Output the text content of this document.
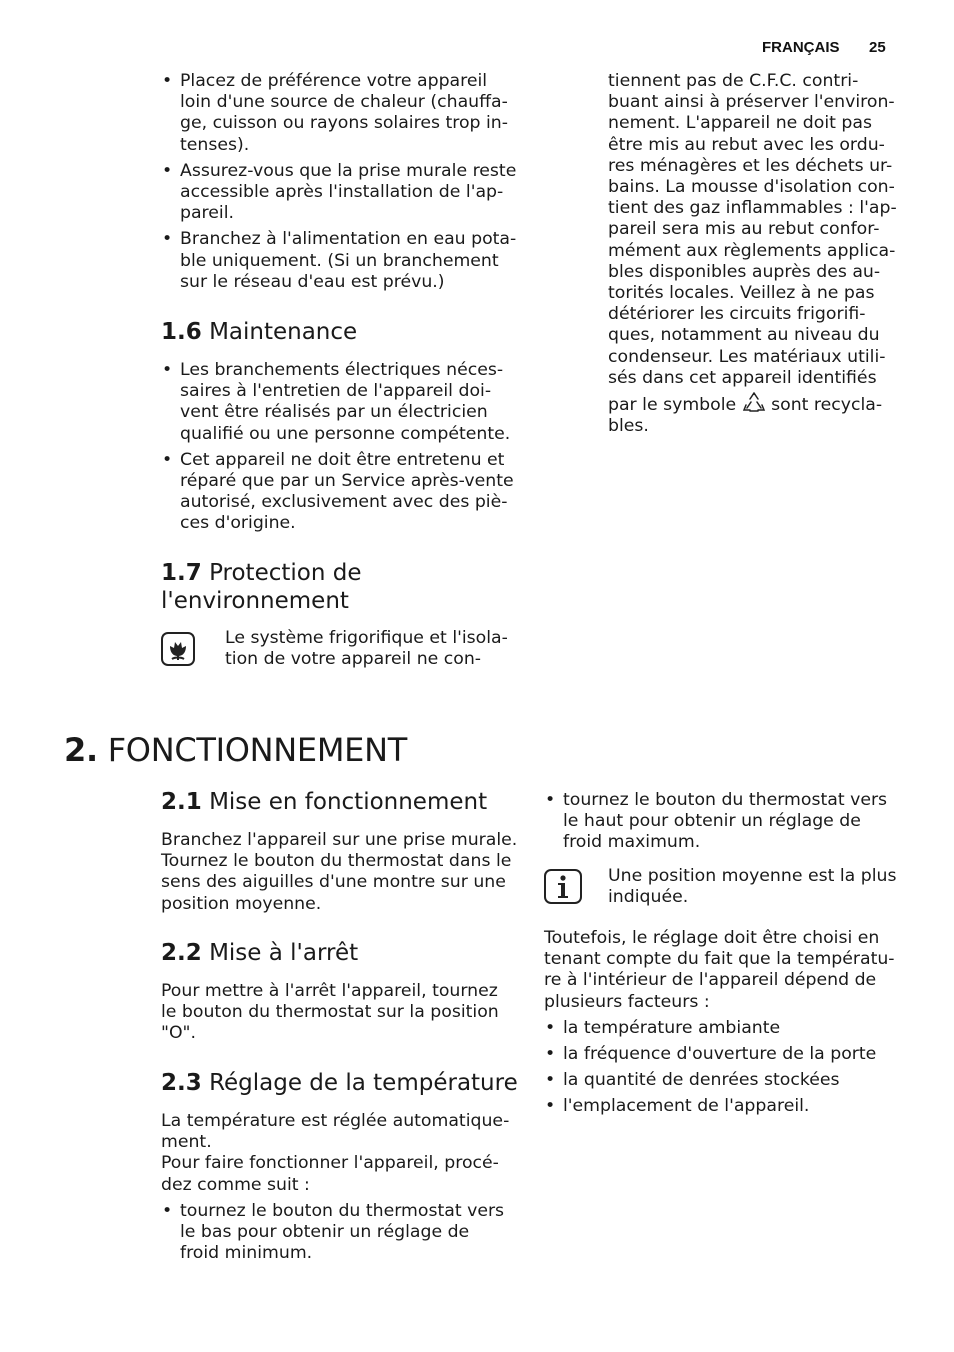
FRANÇAIS 25
• Placez de préférence votre appareil
loin d'une source de chaleur (chauffa-
ge, cuisson ou rayons solaires trop in-
tenses).
• Assurez-vous que la prise murale reste
accessible après l'installation de l'ap-
pareil.
• Branchez à l'alimentation en eau pota-
ble uniquement. (Si un branchement
sur le réseau d'eau est prévu.)
1.6 Maintenance
• Les branchements électriques néces-
saires à l'entretien de l'appareil doi-
vent être réalisés par un électricien
qualifié ou une personne compétente.
• Cet appareil ne doit être entretenu et
réparé que par un Service après-vente
autorisé, exclusivement avec des piè-
ces d'origine.
1.7 Protection de
l'environnement
Le système frigorifique et l'isola-
tion de votre appareil ne con-
tiennent pas de C.F.C. contri-
buant ainsi à préserver l'environ-
nement. L'appareil ne doit pas
être mis au rebut avec les ordu-
res ménagères et les déchets ur-
bains. La mousse d'isolation con-
tient des gaz inflammables : l'ap-
pareil sera mis au rebut confor-
mément aux règlements applica-
bles disponibles auprès des au-
torités locales. Veillez à ne pas
détériorer les circuits frigorifi-
ques, notamment au niveau du
condenseur. Les matériaux utili-
sés dans cet appareil identifiés
par le symbole sont recycla-
bles.
2. FONCTIONNEMENT
2.1 Mise en fonctionnement
Branchez l'appareil sur une prise murale.
Tournez le bouton du thermostat dans le
sens des aiguilles d'une montre sur une
position moyenne.
2.2 Mise à l'arrêt
Pour mettre à l'arrêt l'appareil, tournez
le bouton du thermostat sur la position
"O".
2.3 Réglage de la température
La température est réglée automatique-
ment.
Pour faire fonctionner l'appareil, procé-
dez comme suit :
• tournez le bouton du thermostat vers
le bas pour obtenir un réglage de
froid minimum.
• tournez le bouton du thermostat vers
le haut pour obtenir un réglage de
froid maximum.
Une position moyenne est la plus
indiquée.
Toutefois, le réglage doit être choisi en
tenant compte du fait que la températu-
re à l'intérieur de l'appareil dépend de
plusieurs facteurs :
• la température ambiante
• la fréquence d'ouverture de la porte
• la quantité de denrées stockées
• l'emplacement de l'appareil.
